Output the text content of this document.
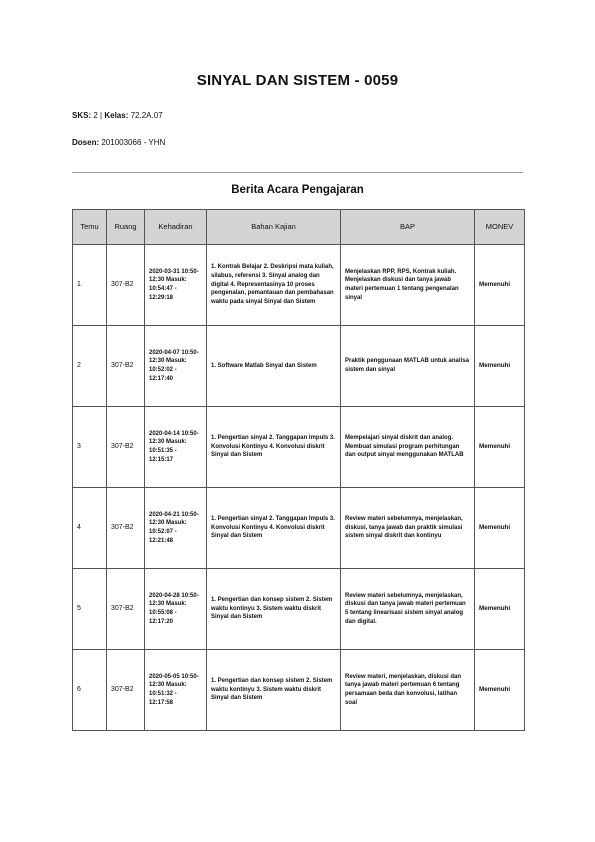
SINYAL DAN SISTEM - 0059
SKS: 2 | Kelas: 72.2A.07
Dosen: 201003066 - YHN
Berita Acara Pengajaran
Temu	Ruang	Kehadiran	Bahan Kajian	BAP	MONEV
1	307-B2	2020-03-31 10:50-12:30 Masuk: 10:54:47 - 12:29:18	1. Kontrak Belajar 2. Deskripsi mata kuliah, silabus, referensi 3. Sinyal analog dan digital 4. Representasinya 10 proses pengenalan, pemantauan dan pembahasan waktu pada sinyal Sinyal dan Sistem	Menjelaskan RPP, RPS, Kontrak kuliah. Menjelaskan diskusi dan tanya jawab materi pertemuan 1 tentang pengenalan sinyal	Memenuhi
2	307-B2	2020-04-07 10:50-12:30 Masuk: 10:52:02 - 12:17:40	1. Software Matlab Sinyal dan Sistem	Praktik penggunaan MATLAB untuk analisa sistem dan sinyal	Memenuhi
3	307-B2	2020-04-14 10:50-12:30 Masuk: 10:51:35 - 12:15:17	1. Pengertian sinyal 2. Tanggapan Impuls 3. Konvolusi Kontinyu 4. Konvolusi diskrit Sinyal dan Sistem	Mempelajari sinyal diskrit dan analog. Membuat simulasi program perhitungan dan output sinyal menggunakan MATLAB	Memenuhi
4	307-B2	2020-04-21 10:50-12:30 Masuk: 10:52:07 - 12:21:48	1. Pengertian sinyal 2. Tanggapan Impuls 3. Konvolusi Kontinyu 4. Konvolusi diskrit Sinyal dan Sistem	Review materi sebelumnya, menjelaskan, diskusi, tanya jawab dan praktik simulasi sistem sinyal diskrit dan kontinyu	Memenuhi
5	307-B2	2020-04-28 10:50-12:30 Masuk: 10:55:08 - 12:17:20	1. Pengertian dan konsep sistem 2. Sistem waktu kontinyu 3. Sistem waktu diskrit Sinyal dan Sistem	Review materi sebelumnya, menjelaskan, diskusi dan tanya jawab materi pertemuan 5 tentang linearisasi sistem sinyal analog dan digital.	Memenuhi
6	307-B2	2020-05-05 10:50-12:30 Masuk: 10:51:32 - 12:17:58	1. Pengertian dan konsep sistem 2. Sistem waktu kontinyu 3. Sistem waktu diskrit Sinyal dan Sistem	Review materi, menjelaskan, diskusi dan tanya jawab materi pertemuan 6 tentang persamaan beda dan konvolusi, latihan soal	Memenuhi
